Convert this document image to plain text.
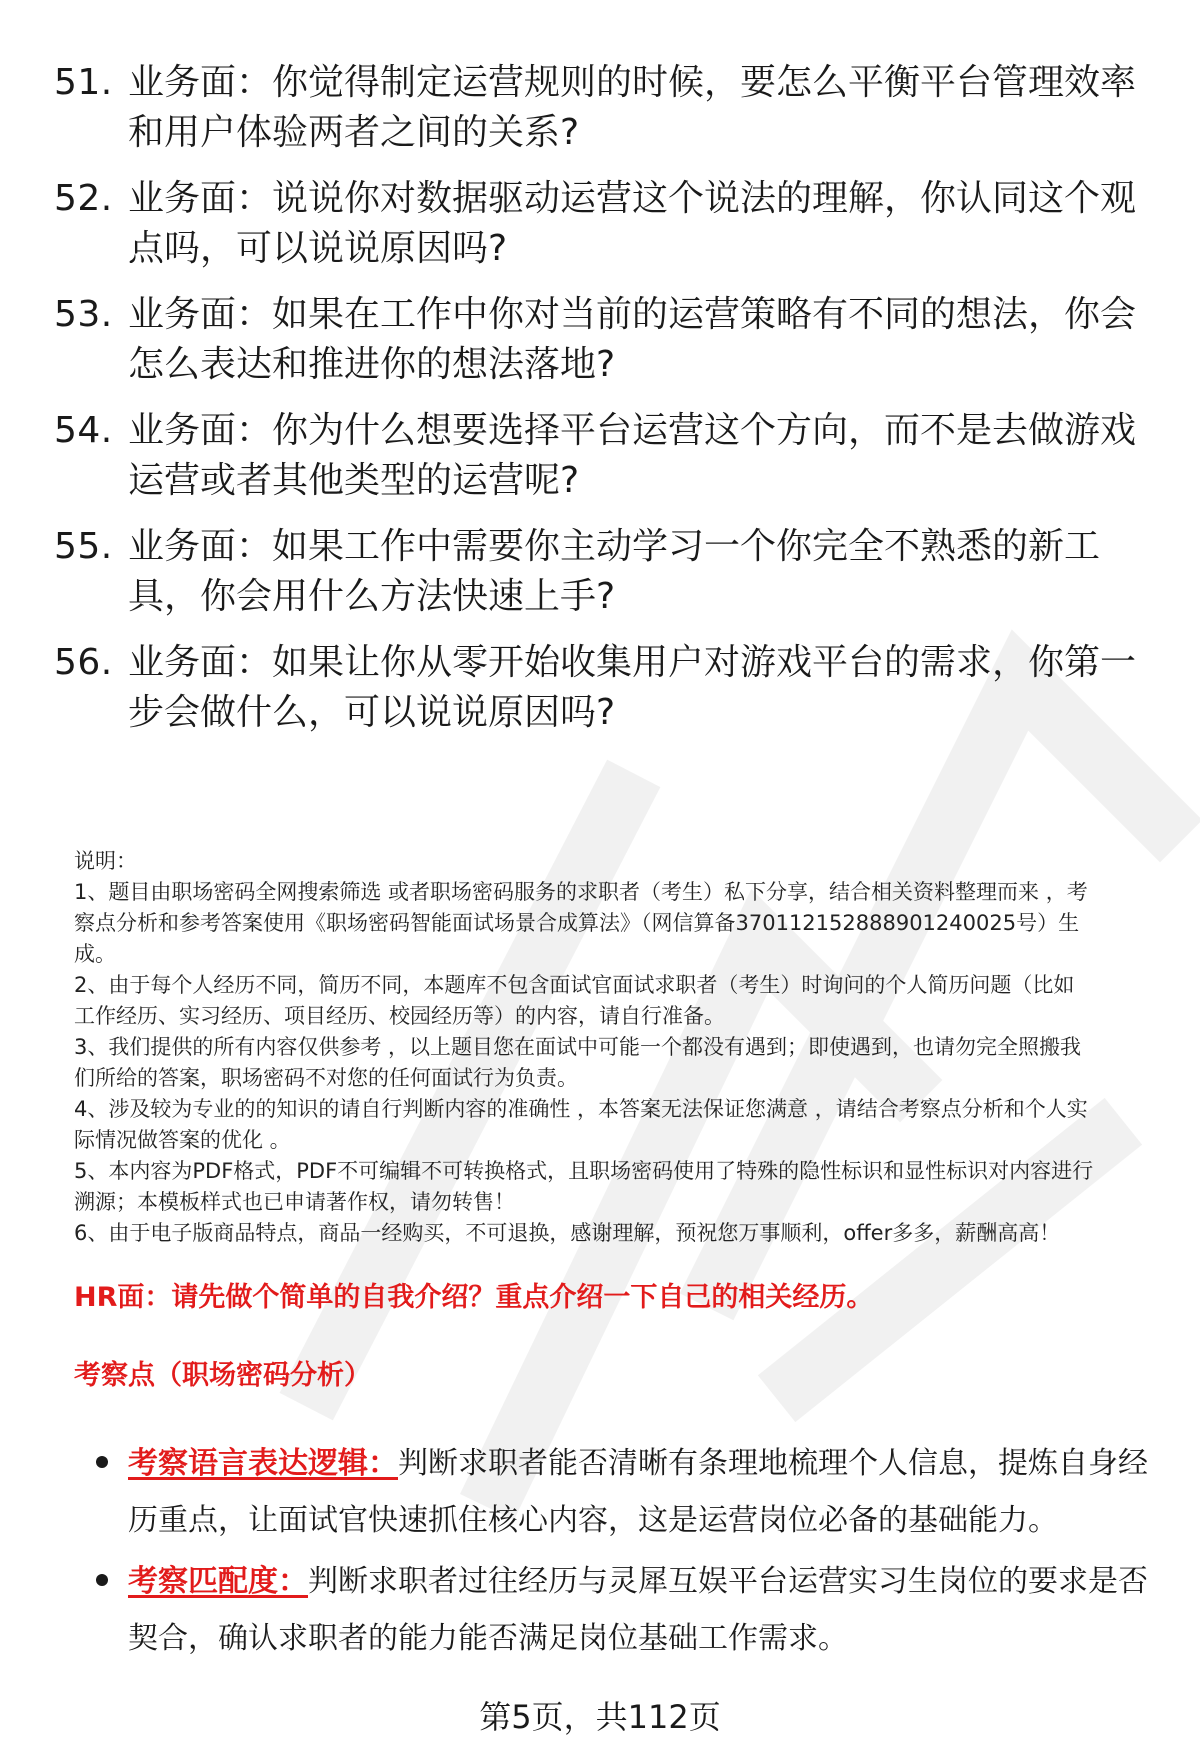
51. 业务面：你觉得制定运营规则的时候，要怎么平衡平台管理效率
和用户体验两者之间的关系?
52. 业务面：说说你对数据驱动运营这个说法的理解，你认同这个观
点吗，可以说说原因吗?
53. 业务面：如果在工作中你对当前的运营策略有不同的想法，你会
怎么表达和推进你的想法落地?
54. 业务面：你为什么想要选择平台运营这个方向，而不是去做游戏
运营或者其他类型的运营呢?
55. 业务面：如果工作中需要你主动学习一个你完全不熟悉的新工
具，你会用什么方法快速上手?
56. 业务面：如果让你从零开始收集用户对游戏平台的需求，你第一
步会做什么，可以说说原因吗?
说明：
1、题目由职场密码全网搜索筛选 或者职场密码服务的求职者（考生）私下分享，结合相关资料整理而来 ，考
察点分析和参考答案使用《职场密码智能面试场景合成算法》（网信算备370112152888901240025号）生
成。
2、由于每个人经历不同，简历不同，本题库不包含面试官面试求职者（考生）时询问的个人简历问题（比如
工作经历、实习经历、项目经历、校园经历等）的内容，请自行准备。
3、我们提供的所有内容仅供参考 ，以上题目您在面试中可能一个都没有遇到；即使遇到，也请勿完全照搬我
们所给的答案，职场密码不对您的任何面试行为负责。
4、涉及较为专业的的知识的请自行判断内容的准确性 ，本答案无法保证您满意 ，请结合考察点分析和个人实
际情况做答案的优化 。
5、本内容为PDF格式，PDF不可编辑不可转换格式，且职场密码使用了特殊的隐性标识和显性标识对内容进行
溯源；本模板样式也已申请著作权，请勿转售！
6、由于电子版商品特点，商品一经购买，不可退换，感谢理解，预祝您万事顺利，offer多多，薪酬高高！
HR面：请先做个简单的自我介绍？重点介绍一下自己的相关经历。
考察点（职场密码分析）
考察语言表达逻辑：判断求职者能否清晰有条理地梳理个人信息，提炼自身经
历重点，让面试官快速抓住核心内容，这是运营岗位必备的基础能力。
考察匹配度：判断求职者过往经历与灵犀互娱平台运营实习生岗位的要求是否
契合，确认求职者的能力能否满足岗位基础工作需求。
第5页，共112页
